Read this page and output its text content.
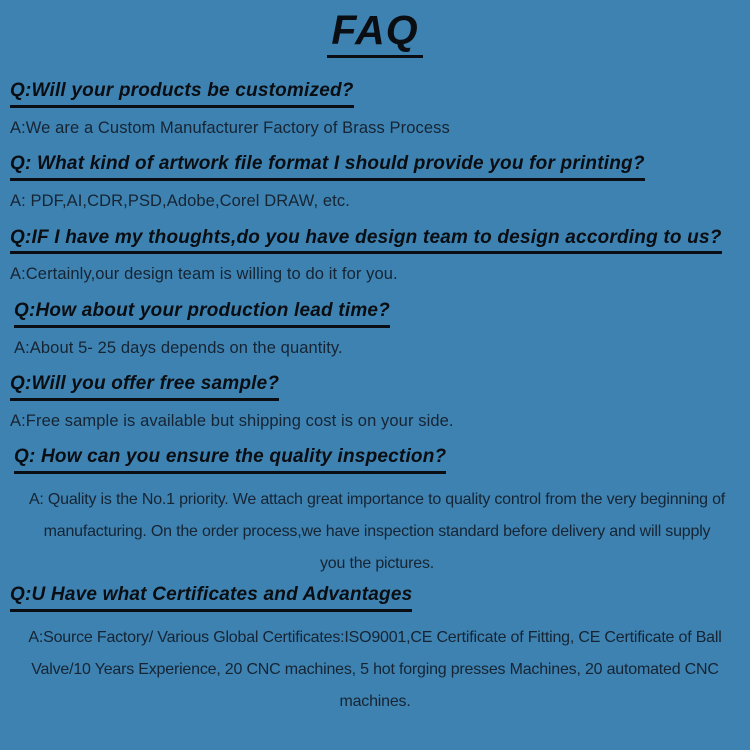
FAQ
Q:Will your products be customized?

A:We are a Custom Manufacturer Factory of Brass Process

Q: What kind of artwork file format I should provide you for printing?

A: PDF,AI,CDR,PSD,Adobe,Corel DRAW, etc.

Q:IF I have my thoughts,do you have design team to design according to us?

A:Certainly,our design team is willing to do it for you.

Q:How about your production lead time?

A:About 5- 25 days depends on the quantity.

Q:Will you offer free sample?

A:Free sample is available but shipping cost is on your side.

Q: How can you ensure the quality inspection?

A: Quality is the No.1 priority. We attach great importance to quality control from the very beginning of

manufacturing. On the order process,we have inspection standard before delivery and will supply

you the pictures.

Q:U Have what Certificates and Advantages

A:Source Factory/ Various Global Certificates:ISO9001,CE Certificate of Fitting, CE Certificate of Ball

Valve/10 Years Experience, 20 CNC machines, 5 hot forging presses Machines, 20 automated CNC

machines.
